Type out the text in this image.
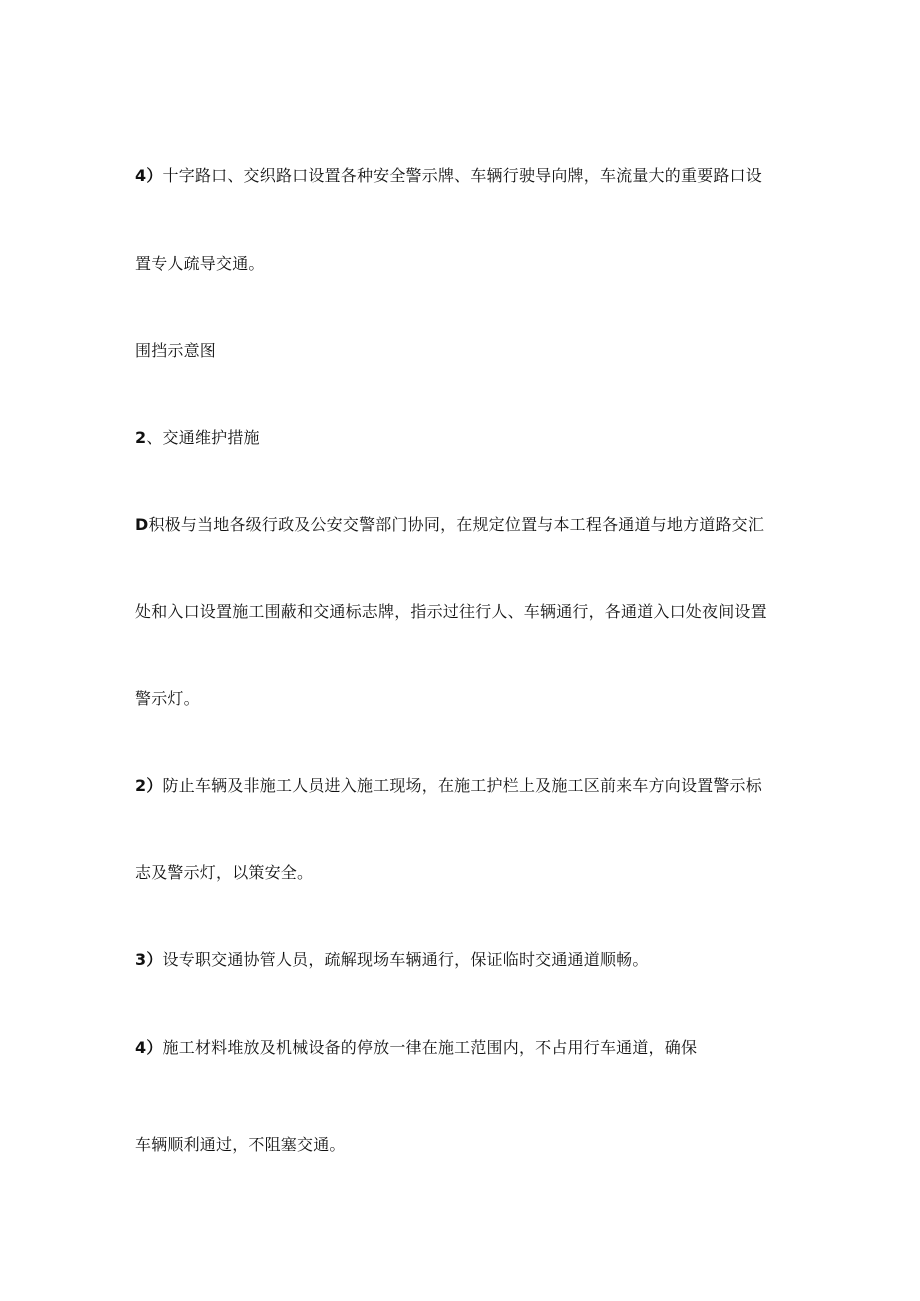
4）十字路口、交织路口设置各种安全警示牌、车辆行驶导向牌，车流量大的重要路口设
置专人疏导交通。
围挡示意图
2、交通维护措施
D积极与当地各级行政及公安交警部门协同，在规定位置与本工程各通道与地方道路交汇
处和入口设置施工围蔽和交通标志牌，指示过往行人、车辆通行，各通道入口处夜间设置
警示灯。
2）防止车辆及非施工人员进入施工现场，在施工护栏上及施工区前来车方向设置警示标
志及警示灯，以策安全。
3）设专职交通协管人员，疏解现场车辆通行，保证临时交通通道顺畅。
4）施工材料堆放及机械设备的停放一律在施工范围内，不占用行车通道，确保
车辆顺利通过，不阻塞交通。
